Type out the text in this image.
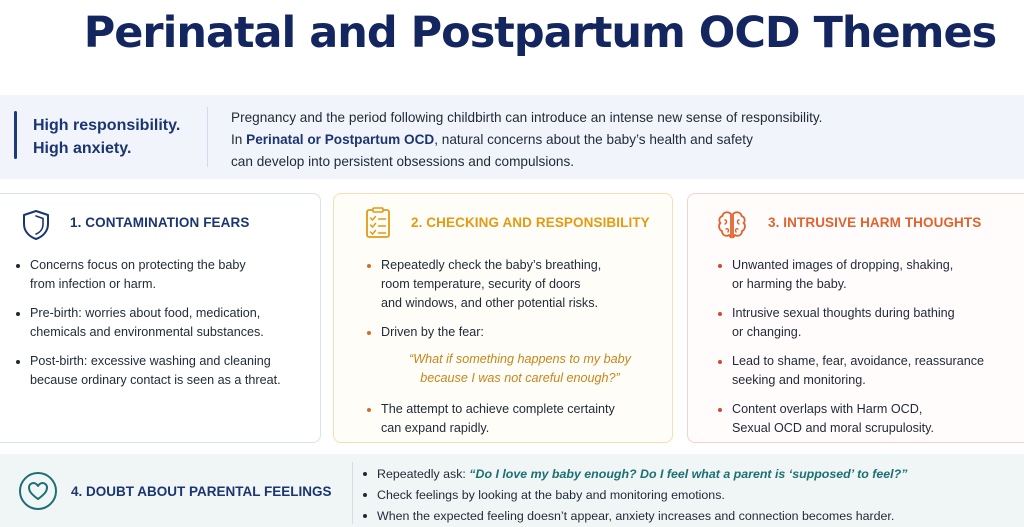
Perinatal and Postpartum OCD Themes
High responsibility.
High anxiety.
Pregnancy and the period following childbirth can introduce an intense new sense of responsibility.
In Perinatal or Postpartum OCD, natural concerns about the baby’s health and safety
can develop into persistent obsessions and compulsions.
1. CONTAMINATION FEARS
Concerns focus on protecting the baby
from infection or harm.
Pre-birth: worries about food, medication,
chemicals and environmental substances.
Post-birth: excessive washing and cleaning
because ordinary contact is seen as a threat.
2. CHECKING AND RESPONSIBILITY
Repeatedly check the baby’s breathing,
room temperature, security of doors
and windows, and other potential risks.
Driven by the fear:
“What if something happens to my baby
because I was not careful enough?”
The attempt to achieve complete certainty
can expand rapidly.
3. INTRUSIVE HARM THOUGHTS
Unwanted images of dropping, shaking,
or harming the baby.
Intrusive sexual thoughts during bathing
or changing.
Lead to shame, fear, avoidance, reassurance
seeking and monitoring.
Content overlaps with Harm OCD,
Sexual OCD and moral scrupulosity.
4. DOUBT ABOUT PARENTAL FEELINGS
Repeatedly ask: “Do I love my baby enough? Do I feel what a parent is ‘supposed’ to feel?”
Check feelings by looking at the baby and monitoring emotions.
When the expected feeling doesn’t appear, anxiety increases and connection becomes harder.
